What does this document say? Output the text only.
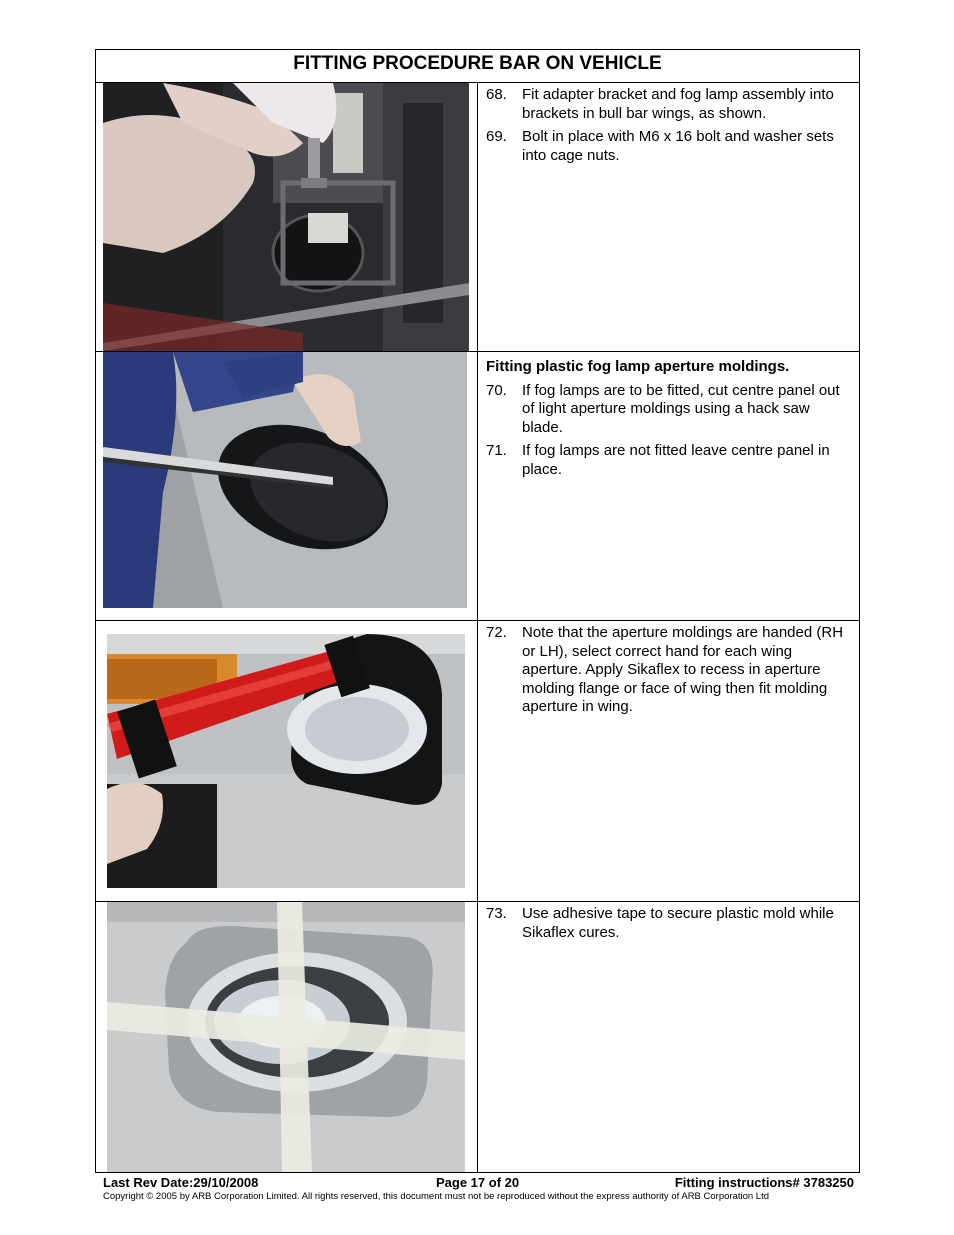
FITTING PROCEDURE BAR ON VEHICLE
68.	Fit adapter bracket and fog lamp assembly into brackets in bull bar wings, as shown.
69.	Bolt in place with M6 x 16 bolt and washer sets into cage nuts.
Fitting plastic fog lamp aperture moldings.
70.	If fog lamps are to be fitted, cut centre panel out of light aperture moldings using a hack saw blade.
71.	If fog lamps are not fitted leave centre panel in place.
72.	Note that the aperture moldings are handed (RH or LH), select correct hand for each wing aperture. Apply Sikaflex to recess in aperture molding flange or face of wing then fit molding aperture in wing.
73.	Use adhesive tape to secure plastic mold while Sikaflex cures.
Last Rev Date:29/10/2008	Page 17 of 20	Fitting instructions# 3783250
Copyright © 2005 by ARB Corporation Limited. All rights reserved, this document must not be reproduced without the express authority of ARB Corporation Ltd
